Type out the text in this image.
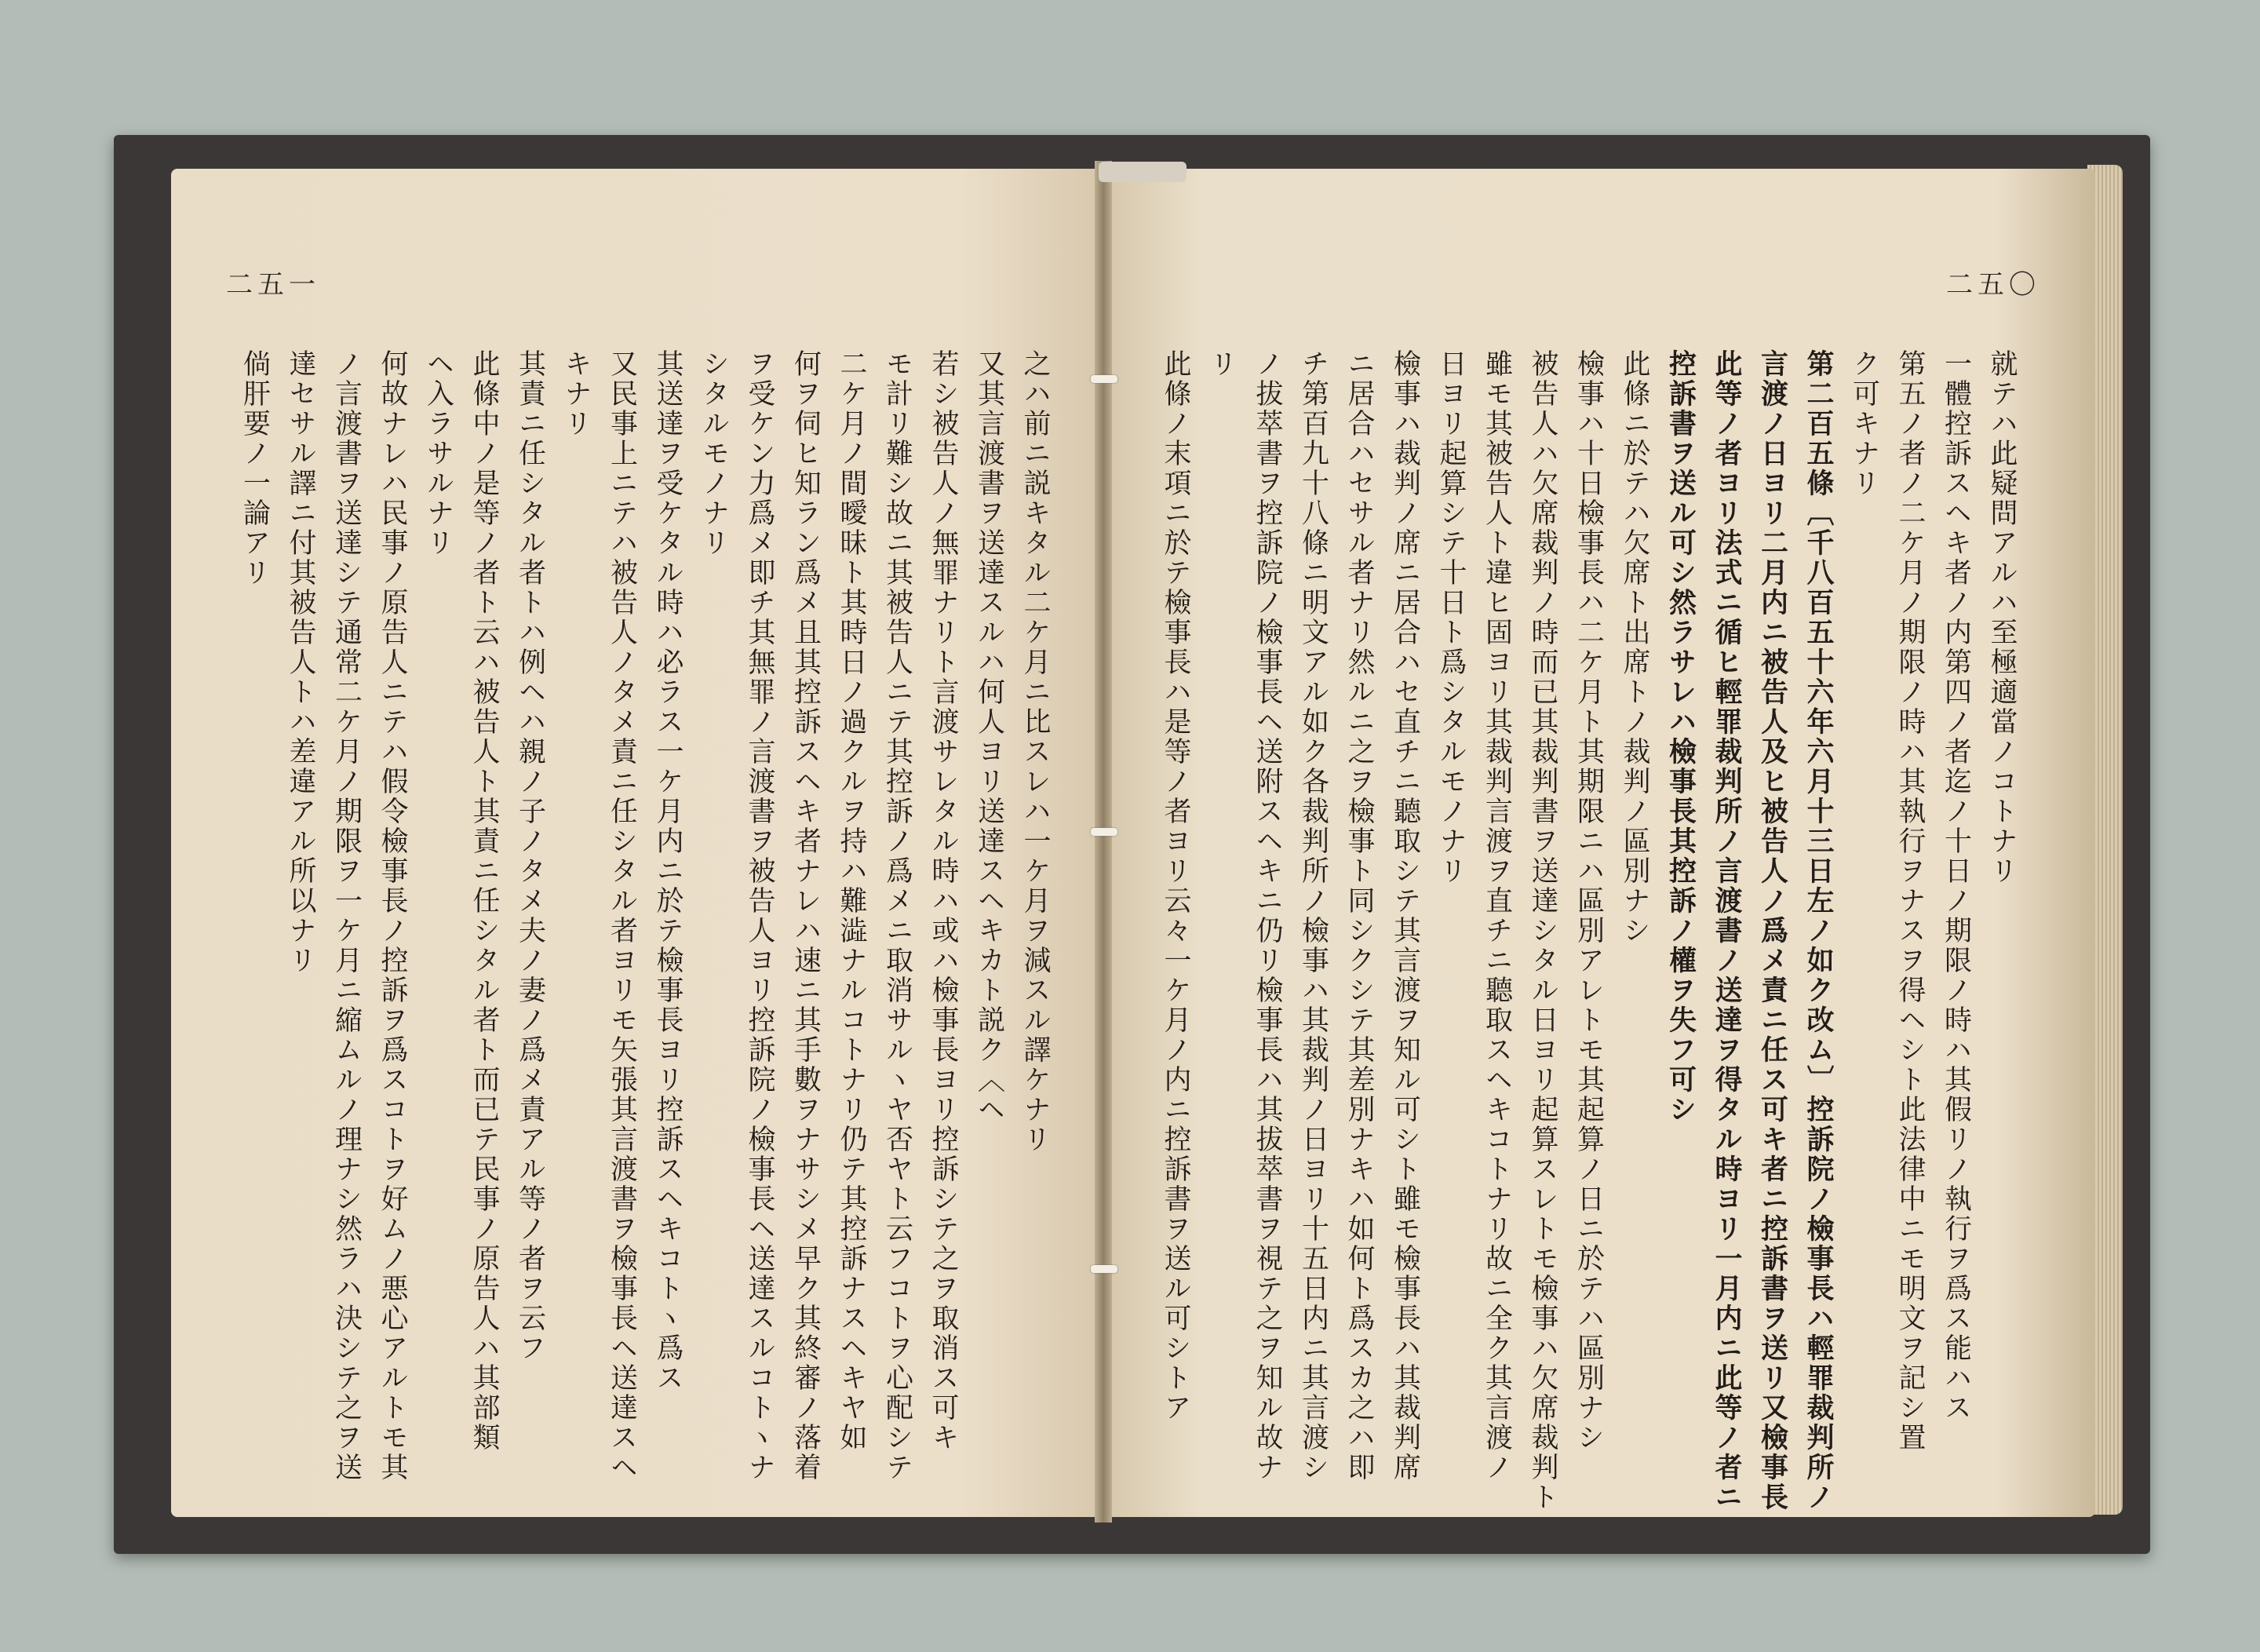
二五一
之ハ前ニ説キタル二ケ月ニ比スレハ一ケ月ヲ減スル譯ケナリ
又其言渡書ヲ送達スルハ何人ヨリ送達スヘキカト説ク〈ヘ
若シ被告人ノ無罪ナリト言渡サレタル時ハ或ハ檢事長ヨリ控訴シテ之ヲ取消ス可キ
モ計リ難シ故ニ其被告人ニテ其控訴ノ爲メニ取消サルヽヤ否ヤト云フコトヲ心配シテ
二ケ月ノ間曖昧ト其時日ノ過クルヲ持ハ難澁ナルコトナリ仍テ其控訴ナスヘキヤ如
何ヲ伺ヒ知ラン爲メ且其控訴スヘキ者ナレハ速ニ其手數ヲナサシメ早ク其終審ノ落着
ヲ受ケン力爲メ即チ其無罪ノ言渡書ヲ被告人ヨリ控訴院ノ檢事長ヘ送達スルコトヽナ
シタルモノナリ
其送達ヲ受ケタル時ハ必ラス一ケ月内ニ於テ檢事長ヨリ控訴スヘキコトヽ爲ス
又民事上ニテハ被告人ノタメ責ニ任シタル者ヨリモ矢張其言渡書ヲ檢事長ヘ送達スヘ
キナリ
其責ニ任シタル者トハ例ヘハ親ノ子ノタメ夫ノ妻ノ爲メ責アル等ノ者ヲ云フ
此條中ノ是等ノ者ト云ハ被告人ト其責ニ任シタル者ト而已テ民事ノ原告人ハ其部類
ヘ入ラサルナリ
何故ナレハ民事ノ原告人ニテハ假令檢事長ノ控訴ヲ爲スコトヲ好ムノ悪心アルトモ其
ノ言渡書ヲ送達シテ通常二ケ月ノ期限ヲ一ケ月ニ縮ムルノ理ナシ然ラハ決シテ之ヲ送
達セサル譯ニ付其被告人トハ差違アル所以ナリ
倘肝要ノ一論アリ
二五〇
就テハ此疑問アルハ至極適當ノコトナリ
一體控訴スヘキ者ノ内第四ノ者迄ノ十日ノ期限ノ時ハ其假リノ執行ヲ爲ス能ハス
第五ノ者ノ二ケ月ノ期限ノ時ハ其執行ヲナスヲ得ヘシト此法律中ニモ明文ヲ記シ置
ク可キナリ
第二百五條〔千八百五十六年六月十三日左ノ如ク改ム〕控訴院ノ檢事長ハ輕罪裁判所ノ
言渡ノ日ヨリ二月内ニ被告人及ヒ被告人ノ爲メ責ニ任ス可キ者ニ控訴書ヲ送リ又檢事長
此等ノ者ヨリ法式ニ循ヒ輕罪裁判所ノ言渡書ノ送達ヲ得タル時ヨリ一月内ニ此等ノ者ニ
控訴書ヲ送ル可シ然ラサレハ檢事長其控訴ノ權ヲ失フ可シ
此條ニ於テハ欠席ト出席トノ裁判ノ區別ナシ
檢事ハ十日檢事長ハ二ケ月ト其期限ニハ區別アレトモ其起算ノ日ニ於テハ區別ナシ
被告人ハ欠席裁判ノ時而已其裁判書ヲ送達シタル日ヨリ起算スレトモ檢事ハ欠席裁判ト
雖モ其被告人ト違ヒ固ヨリ其裁判言渡ヲ直チニ聽取スヘキコトナリ故ニ全ク其言渡ノ
日ヨリ起算シテ十日ト爲シタルモノナリ
檢事ハ裁判ノ席ニ居合ハセ直チニ聽取シテ其言渡ヲ知ル可シト雖モ檢事長ハ其裁判席
ニ居合ハセサル者ナリ然ルニ之ヲ檢事ト同シクシテ其差別ナキハ如何ト爲スカ之ハ即
チ第百九十八條ニ明文アル如ク各裁判所ノ檢事ハ其裁判ノ日ヨリ十五日内ニ其言渡シ
ノ拔萃書ヲ控訴院ノ檢事長ヘ送附スヘキニ仍リ檢事長ハ其拔萃書ヲ視テ之ヲ知ル故ナ
リ
此條ノ末項ニ於テ檢事長ハ是等ノ者ヨリ云々一ケ月ノ内ニ控訴書ヲ送ル可シトア
